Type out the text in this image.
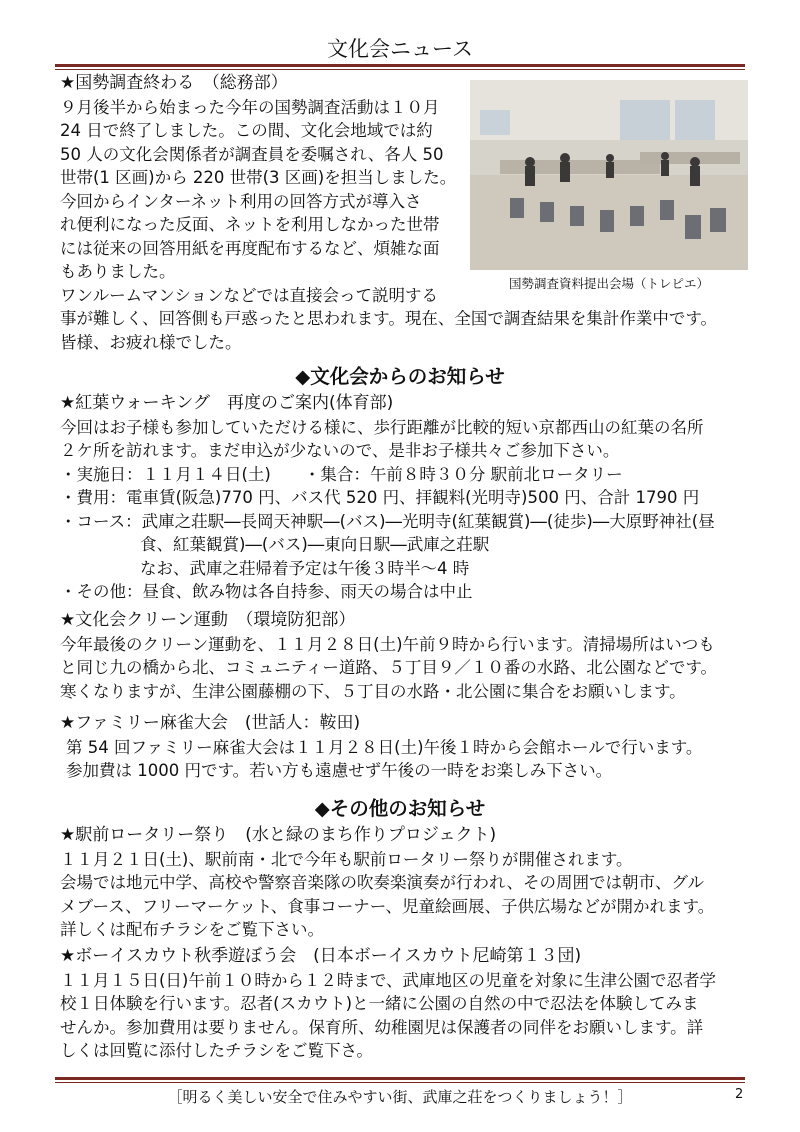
文化会ニュース

★国勢調査終わる　（総務部）

９月後半から始まった今年の国勢調査活動は１０月

24 日で終了しました。この間、文化会地域では約

50 人の文化会関係者が調査員を委嘱され、各人 50

世帯(1 区画)から 220 世帯(3 区画)を担当しました。

今回からインターネット利用の回答方式が導入さ

れ便利になった反面、ネットを利用しなかった世帯

には従来の回答用紙を再度配布するなど、煩雑な面

もありました。

ワンルームマンションなどでは直接会って説明する

事が難しく、回答側も戸惑ったと思われます。現在、全国で調査結果を集計作業中です。

皆様、お疲れ様でした。

国勢調査資料提出会場（トレピエ）
◆文化会からのお知らせ

★紅葉ウォーキング　再度のご案内(体育部)

今回はお子様も参加していただける様に、歩行距離が比較的短い京都西山の紅葉の名所

２ケ所を訪れます。まだ申込が少ないので、是非お子様共々ご参加下さい。

・実施日：１１月１４日(土)　　・集合：午前８時３０分 駅前北ロータリー

・費用：電車賃(阪急)770 円、バス代 520 円、拝観料(光明寺)500 円、合計 1790 円

・コース：武庫之荘駅―長岡天神駅―(バス)―光明寺(紅葉観賞)―(徒歩)―大原野神社(昼

食、紅葉観賞)―(バス)―東向日駅―武庫之荘駅

なお、武庫之荘帰着予定は午後３時半～4 時

・その他：昼食、飲み物は各自持参、雨天の場合は中止

★文化会クリーン運動　（環境防犯部）

今年最後のクリーン運動を、１１月２８日(土)午前９時から行います。清掃場所はいつも

と同じ九の橋から北、コミュニティー道路、５丁目９／１０番の水路、北公園などです。

寒くなりますが、生津公園藤棚の下、５丁目の水路・北公園に集合をお願いします。

★ファミリー麻雀大会　(世話人：鞍田)

第 54 回ファミリー麻雀大会は１１月２８日(土)午後１時から会館ホールで行います。

参加費は 1000 円です。若い方も遠慮せず午後の一時をお楽しみ下さい。

◆その他のお知らせ

★駅前ロータリー祭り　(水と緑のまち作りプロジェクト)

１１月２１日(土)、駅前南・北で今年も駅前ロータリー祭りが開催されます。

会場では地元中学、高校や警察音楽隊の吹奏楽演奏が行われ、その周囲では朝市、グル

メブース、フリーマーケット、食事コーナー、児童絵画展、子供広場などが開かれます。

詳しくは配布チラシをご覧下さい。

★ボーイスカウト秋季遊ぼう会　(日本ボーイスカウト尼崎第１３団)

１１月１５日(日)午前１０時から１２時まで、武庫地区の児童を対象に生津公園で忍者学

校１日体験を行います。忍者(スカウト)と一緒に公園の自然の中で忍法を体験してみま

せんか。参加費用は要りません。保育所、幼稚園児は保護者の同伴をお願いします。詳

しくは回覧に添付したチラシをご覧下さ。

［明るく美しい安全で住みやすい街、武庫之荘をつくりましょう！］	2
